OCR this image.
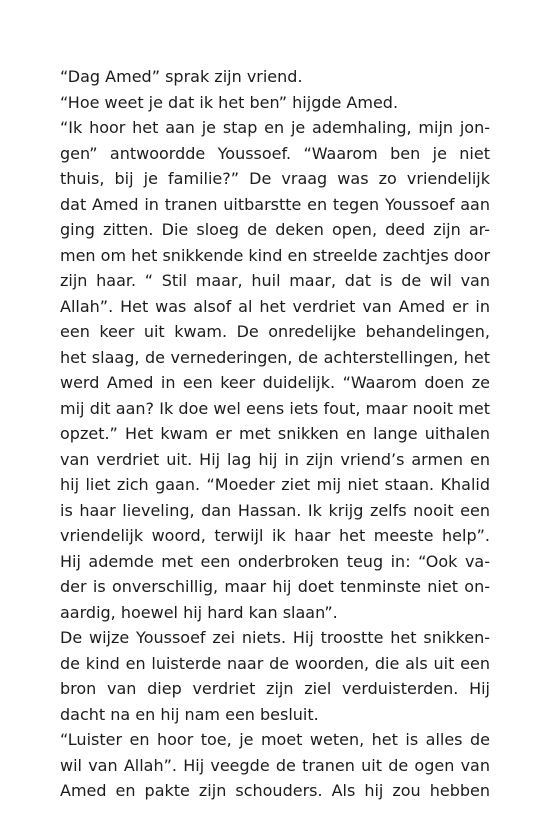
“Dag Amed” sprak zijn vriend.
“Hoe weet je dat ik het ben” hijgde Amed.
“Ik hoor het aan je stap en je ademhaling, mijn jon-
gen” antwoordde Youssoef. “Waarom ben je niet
thuis, bij je familie?” De vraag was zo vriendelijk
dat Amed in tranen uitbarstte en tegen Youssoef aan
ging zitten. Die sloeg de deken open, deed zijn ar-
men om het snikkende kind en streelde zachtjes door
zijn haar. “ Stil maar, huil maar, dat is de wil van
Allah”. Het was alsof al het verdriet van Amed er in
een keer uit kwam. De onredelijke behandelingen,
het slaag, de vernederingen, de achterstellingen, het
werd Amed in een keer duidelijk. “Waarom doen ze
mij dit aan? Ik doe wel eens iets fout, maar nooit met
opzet.” Het kwam er met snikken en lange uithalen
van verdriet uit. Hij lag hij in zijn vriend’s armen en
hij liet zich gaan. “Moeder ziet mij niet staan. Khalid
is haar lieveling, dan Hassan. Ik krijg zelfs nooit een
vriendelijk woord, terwijl ik haar het meeste help”.
Hij ademde met een onderbroken teug in: “Ook va-
der is onverschillig, maar hij doet tenminste niet on-
aardig, hoewel hij hard kan slaan”.
De wijze Youssoef zei niets. Hij troostte het snikken-
de kind en luisterde naar de woorden, die als uit een
bron van diep verdriet zijn ziel verduisterden. Hij
dacht na en hij nam een besluit.
“Luister en hoor toe, je moet weten, het is alles de
wil van Allah”. Hij veegde de tranen uit de ogen van
Amed en pakte zijn schouders. Als hij zou hebben
